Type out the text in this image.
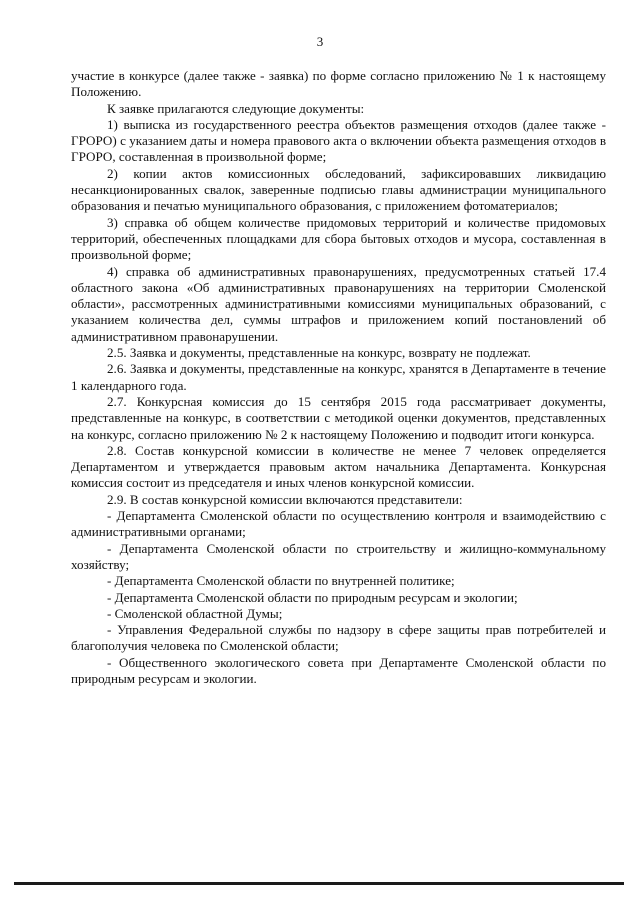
3

участие в конкурсе (далее также - заявка) по форме согласно приложению № 1 к настоящему Положению.

К заявке прилагаются следующие документы:

1) выписка из государственного реестра объектов размещения отходов (далее также - ГРОРО) с указанием даты и номера правового акта о включении объекта размещения отходов в ГРОРО, составленная в произвольной форме;

2) копии актов комиссионных обследований, зафиксировавших ликвидацию несанкционированных свалок, заверенные подписью главы администрации муниципального образования и печатью муниципального образования, с приложением фотоматериалов;

3) справка об общем количестве придомовых территорий и количестве придомовых территорий, обеспеченных площадками для сбора бытовых отходов и мусора, составленная в произвольной форме;

4) справка об административных правонарушениях, предусмотренных статьей 17.4 областного закона «Об административных правонарушениях на территории Смоленской области», рассмотренных административными комиссиями муниципальных образований, с указанием количества дел, суммы штрафов и приложением копий постановлений об административном правонарушении.

2.5. Заявка и документы, представленные на конкурс, возврату не подлежат.

2.6. Заявка и документы, представленные на конкурс, хранятся в Департаменте в течение 1 календарного года.

2.7. Конкурсная комиссия до 15 сентября 2015 года рассматривает документы, представленные на конкурс, в соответствии с методикой оценки документов, представленных на конкурс, согласно приложению № 2 к настоящему Положению и подводит итоги конкурса.

2.8. Состав конкурсной комиссии в количестве не менее 7 человек определяется Департаментом и утверждается правовым актом начальника Департамента. Конкурсная комиссия состоит из председателя и иных членов конкурсной комиссии.

2.9. В состав конкурсной комиссии включаются представители:

- Департамента Смоленской области по осуществлению контроля и взаимодействию с административными органами;

- Департамента Смоленской области по строительству и жилищно-коммунальному хозяйству;

- Департамента Смоленской области по внутренней политике;

- Департамента Смоленской области по природным ресурсам и экологии;

- Смоленской областной Думы;

- Управления Федеральной службы по надзору в сфере защиты прав потребителей и благополучия человека по Смоленской области;

- Общественного экологического совета при Департаменте Смоленской области по природным ресурсам и экологии.
